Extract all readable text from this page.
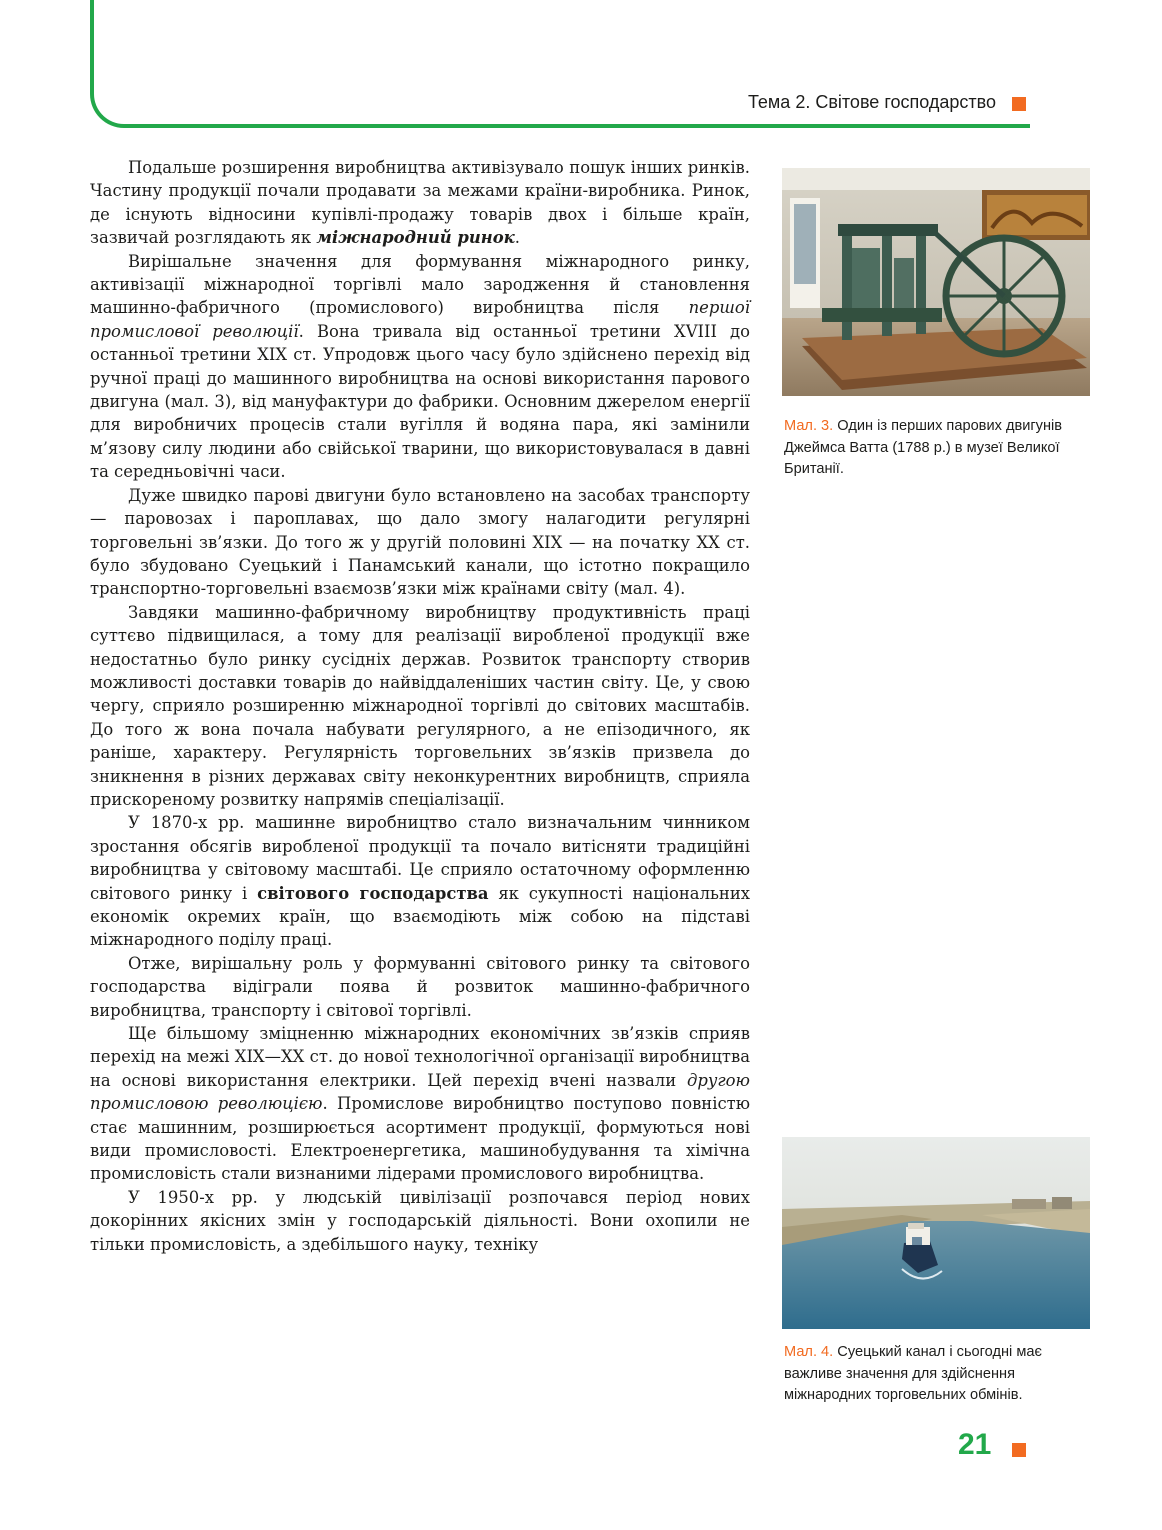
Тема 2. Світове господарство

Подальше розширення виробництва активізувало пошук інших ринків. Частину продукції почали продавати за межами країни-виробника. Ринок, де існують відносини купівлі-продажу товарів двох і більше країн, зазвичай розглядають як міжнародний ринок.

Вирішальне значення для формування міжнародного ринку, активізації міжнародної торгівлі мало зародження й становлення машинно-фабричного (промислового) виробництва після першої промислової революції. Вона тривала від останньої третини XVIII до останньої третини XIX ст. Упродовж цього часу було здійснено перехід від ручної праці до машинного виробництва на основі використання парового двигуна (мал. 3), від мануфактури до фабрики. Основним джерелом енергії для виробничих процесів стали вугілля й водяна пара, які замінили м’язову силу людини або свійської тварини, що використовувалася в давні та середньовічні часи.

Дуже швидко парові двигуни було встановлено на засобах транспорту — паровозах і пароплавах, що дало змогу налагодити регулярні торговельні зв’язки. До того ж у другій половині XIX — на початку XX ст. було збудовано Суецький і Панамський канали, що істотно покращило транспортно-торговельні взаємозв’язки між країнами світу (мал. 4).

Завдяки машинно-фабричному виробництву продуктивність праці суттєво підвищилася, а тому для реалізації виробленої продукції вже недостатньо було ринку сусідніх держав. Розвиток транспорту створив можливості доставки товарів до найвіддаленіших частин світу. Це, у свою чергу, сприяло розширенню міжнародної торгівлі до світових масштабів. До того ж вона почала набувати регулярного, а не епізодичного, як раніше, характеру. Регулярність торговельних зв’язків призвела до зникнення в різних державах світу неконкурентних виробництв, сприяла прискореному розвитку напрямів спеціалізації.

У 1870-х рр. машинне виробництво стало визначальним чинником зростання обсягів виробленої продукції та почало витісняти традиційні виробництва у світовому масштабі. Це сприяло остаточному оформленню світового ринку і світового господарства як сукупності національних економік окремих країн, що взаємодіють між собою на підставі міжнародного поділу праці.

Отже, вирішальну роль у формуванні світового ринку та світового господарства відіграли поява й розвиток машинно-фабричного виробництва, транспорту і світової торгівлі.

Ще більшому зміцненню міжнародних економічних зв’язків сприяв перехід на межі XIX—XX ст. до нової технологічної організації виробництва на основі використання електрики. Цей перехід вчені назвали другою промисловою революцією. Промислове виробництво поступово повністю стає машинним, розширюється асортимент продукції, формуються нові види промисловості. Електроенергетика, машинобудування та хімічна промисловість стали визнаними лідерами промислового виробництва.

У 1950-х рр. у людській цивілізації розпочався період нових докорінних якісних змін у господарській діяльності. Вони охопили не тільки промисловість, а здебільшого науку, техніку

Мал. 3. Один із перших парових двигунів Джеймса Ватта (1788 р.) в музеї Великої Британії.
Мал. 4. Суецький канал і сьогодні має важливе значення для здійснення міжнародних торговельних обмінів.
21
